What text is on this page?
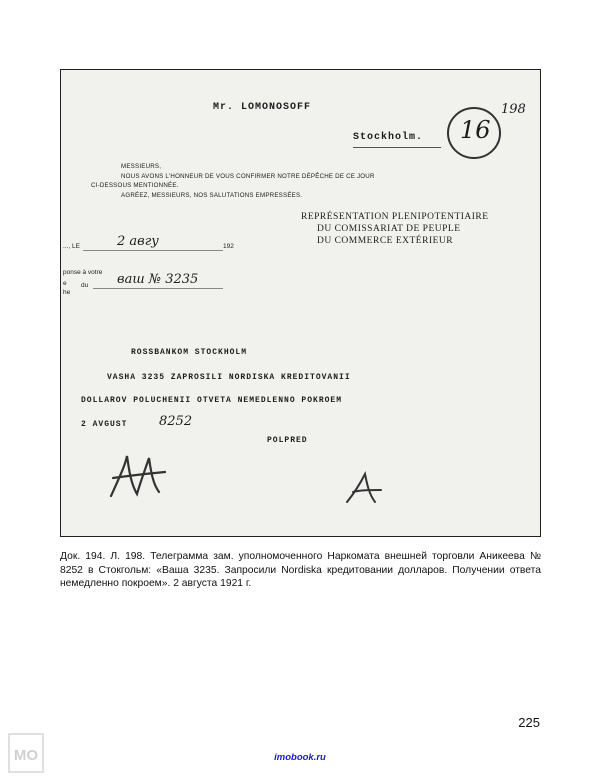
Mr. LOMONOSOFF
Stockholm. 16
198
MESSIEURS,
NOUS AVONS L'HONNEUR DE VOUS CONFIRMER NOTRE DÉPÊCHE DE CE JOUR
CI-DESSOUS MENTIONNÉE.
AGRÉEZ, MESSIEURS, NOS SALUTATIONS EMPRESSÉES.
REPRÉSENTATION PLENIPOTENTIAIRE
DU COMISSARIAT DE PEUPLE
DU COMMERCE EXTÉRIEUR
..., LE	2 авгу	192
ponse à votre
e du
he
ваш № 3235
ROSSBANKOM STOCKHOLM
VASHA 3235 ZAPROSILI NORDISKA KREDITOVANII
DOLLAROV POLUCHENII OTVETA NEMEDLENNO POKROEM
2 AVGUST 8252
POLPRED
Док. 194. Л. 198. Телеграмма зам. уполномоченного Наркомата внешней торговли Аникеева № 8252 в Стокгольм: «Ваша 3235. Запросили Nordiska кредитовании долларов. Получении ответа немедленно покроем». 2 августа 1921 г.
225
MO	imobook.ru
